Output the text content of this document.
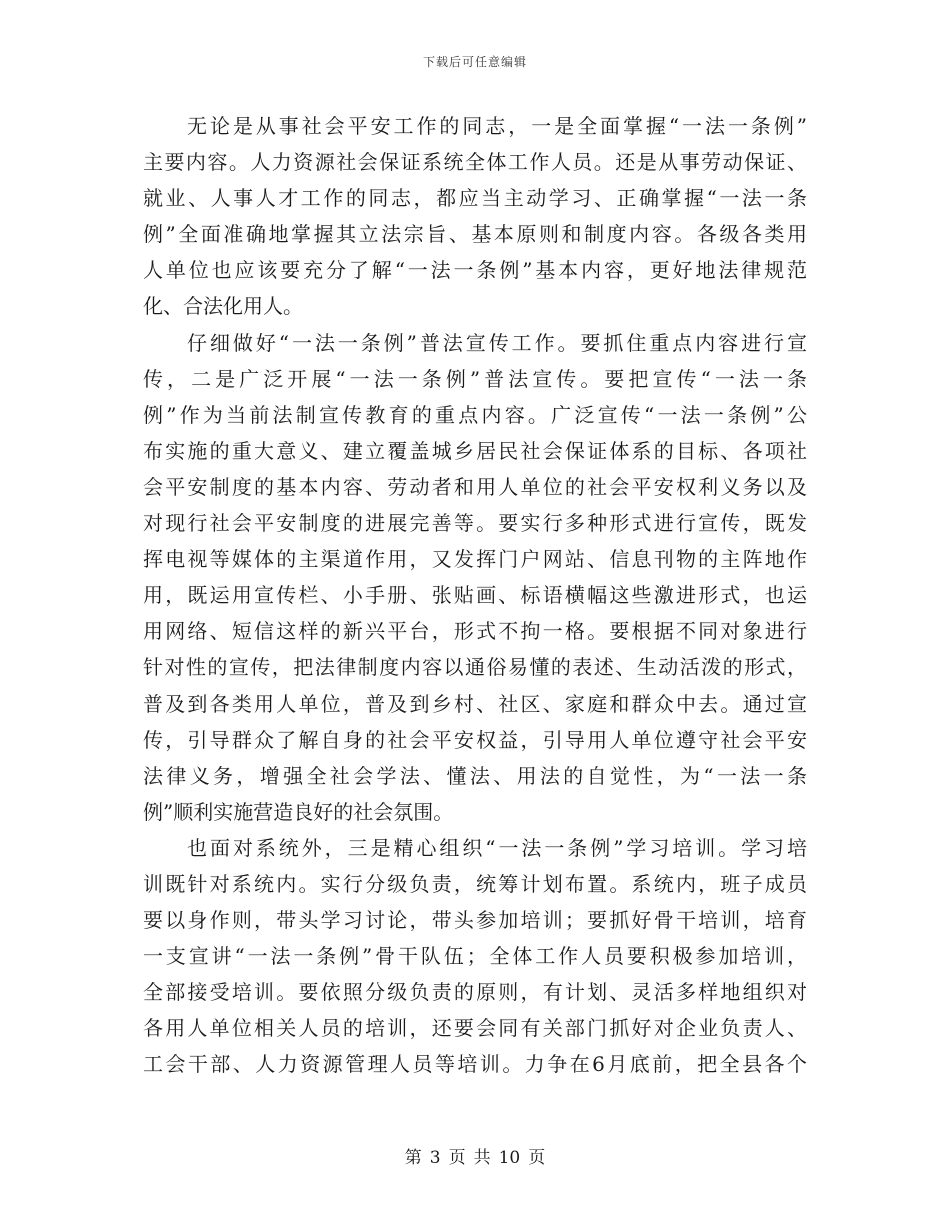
下载后可任意编辑
无论是从事社会平安工作的同志，一是全面掌握“一法一条例”
主要内容。人力资源社会保证系统全体工作人员。还是从事劳动保证、
就业、人事人才工作的同志，都应当主动学习、正确掌握“一法一条
例”全面准确地掌握其立法宗旨、基本原则和制度内容。各级各类用
人单位也应该要充分了解“一法一条例”基本内容，更好地法律规范
化、合法化用人。
仔细做好“一法一条例”普法宣传工作。要抓住重点内容进行宣
传，二是广泛开展“一法一条例”普法宣传。要把宣传“一法一条
例”作为当前法制宣传教育的重点内容。广泛宣传“一法一条例”公
布实施的重大意义、建立覆盖城乡居民社会保证体系的目标、各项社
会平安制度的基本内容、劳动者和用人单位的社会平安权利义务以及
对现行社会平安制度的进展完善等。要实行多种形式进行宣传，既发
挥电视等媒体的主渠道作用，又发挥门户网站、信息刊物的主阵地作
用，既运用宣传栏、小手册、张贴画、标语横幅这些激进形式，也运
用网络、短信这样的新兴平台，形式不拘一格。要根据不同对象进行
针对性的宣传，把法律制度内容以通俗易懂的表述、生动活泼的形式，
普及到各类用人单位，普及到乡村、社区、家庭和群众中去。通过宣
传，引导群众了解自身的社会平安权益，引导用人单位遵守社会平安
法律义务，增强全社会学法、懂法、用法的自觉性，为“一法一条
例”顺利实施营造良好的社会氛围。
也面对系统外，三是精心组织“一法一条例”学习培训。学习培
训既针对系统内。实行分级负责，统筹计划布置。系统内，班子成员
要以身作则，带头学习讨论，带头参加培训；要抓好骨干培训，培育
一支宣讲“一法一条例”骨干队伍；全体工作人员要积极参加培训，
全部接受培训。要依照分级负责的原则，有计划、灵活多样地组织对
各用人单位相关人员的培训，还要会同有关部门抓好对企业负责人、
工会干部、人力资源管理人员等培训。力争在6月底前，把全县各个
第 3 页 共 10 页
